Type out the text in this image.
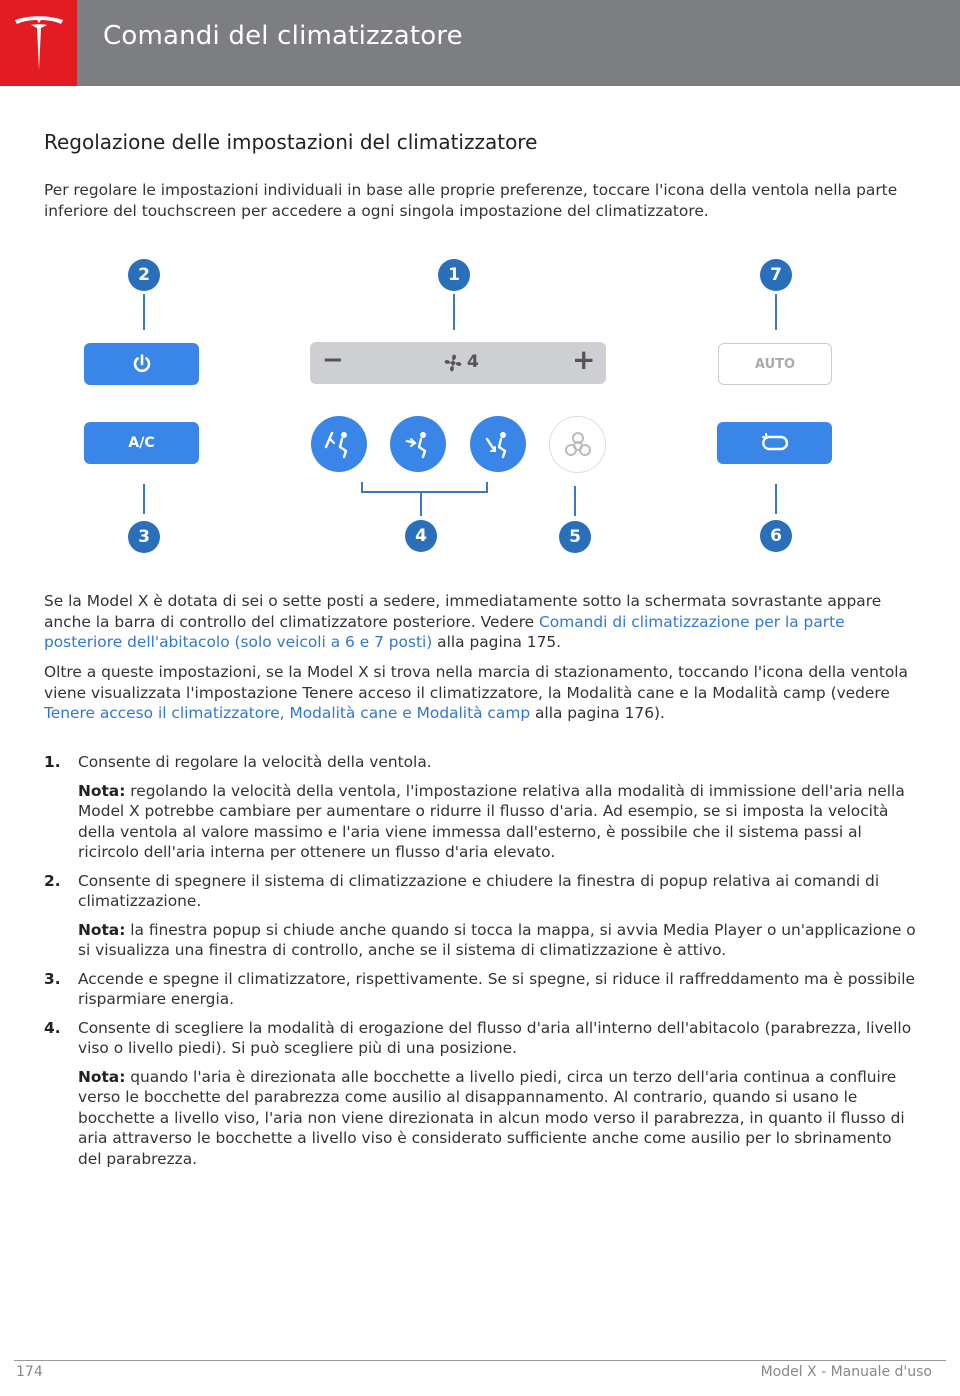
Comandi del climatizzatore
Regolazione delle impostazioni del climatizzatore

Per regolare le impostazioni individuali in base alle proprie preferenze, toccare l'icona della ventola nella parte inferiore del touchscreen per accedere a ogni singola impostazione del climatizzatore.

2
A/C
3
1
−	4	+
4	5
7
AUTO
6

Se la Model X è dotata di sei o sette posti a sedere, immediatamente sotto la schermata sovrastante appare anche la barra di controllo del climatizzatore posteriore. Vedere Comandi di climatizzazione per la parte posteriore dell'abitacolo (solo veicoli a 6 e 7 posti) alla pagina 175.

Oltre a queste impostazioni, se la Model X si trova nella marcia di stazionamento, toccando l'icona della ventola viene visualizzata l'impostazione Tenere acceso il climatizzatore, la Modalità cane e la Modalità camp (vedere Tenere acceso il climatizzatore, Modalità cane e Modalità camp alla pagina 176).

1. Consente di regolare la velocità della ventola.
Nota: regolando la velocità della ventola, l'impostazione relativa alla modalità di immissione dell'aria nella Model X potrebbe cambiare per aumentare o ridurre il flusso d'aria. Ad esempio, se si imposta la velocità della ventola al valore massimo e l'aria viene immessa dall'esterno, è possibile che il sistema passi al ricircolo dell'aria interna per ottenere un flusso d'aria elevato.
2. Consente di spegnere il sistema di climatizzazione e chiudere la finestra di popup relativa ai comandi di climatizzazione.
Nota: la finestra popup si chiude anche quando si tocca la mappa, si avvia Media Player o un'applicazione o si visualizza una finestra di controllo, anche se il sistema di climatizzazione è attivo.
3. Accende e spegne il climatizzatore, rispettivamente. Se si spegne, si riduce il raffreddamento ma è possibile risparmiare energia.
4. Consente di scegliere la modalità di erogazione del flusso d'aria all'interno dell'abitacolo (parabrezza, livello viso o livello piedi). Si può scegliere più di una posizione.
Nota: quando l'aria è direzionata alle bocchette a livello piedi, circa un terzo dell'aria continua a confluire verso le bocchette del parabrezza come ausilio al disappannamento. Al contrario, quando si usano le bocchette a livello viso, l'aria non viene direzionata in alcun modo verso il parabrezza, in quanto il flusso di aria attraverso le bocchette a livello viso è considerato sufficiente anche come ausilio per lo sbrinamento del parabrezza.
174	Model X - Manuale d'uso
